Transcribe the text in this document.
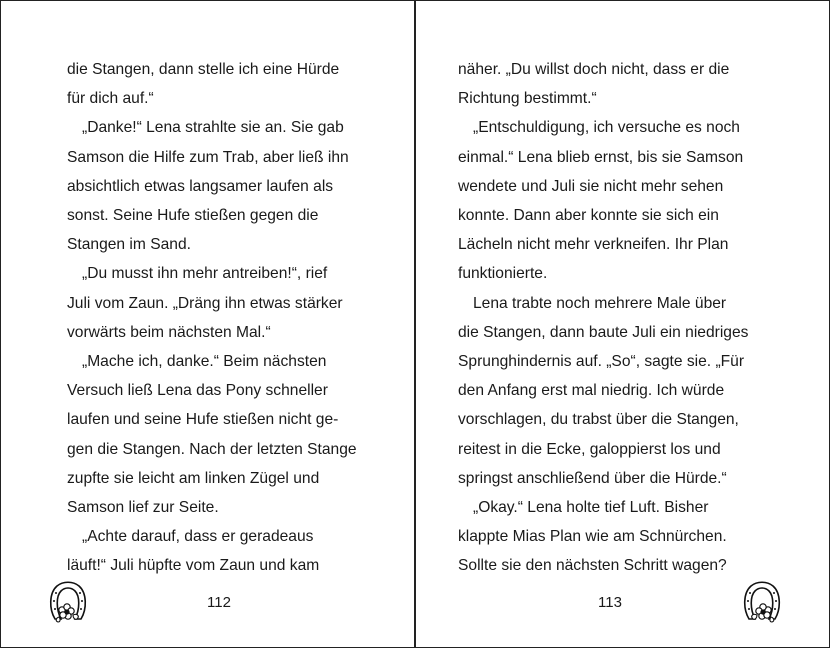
die Stangen, dann stelle ich eine Hürde
für dich auf.“
„Danke!“ Lena strahlte sie an. Sie gab
Samson die Hilfe zum Trab, aber ließ ihn
absichtlich etwas langsamer laufen als
sonst. Seine Hufe stießen gegen die
Stangen im Sand.
„Du musst ihn mehr antreiben!“, rief
Juli vom Zaun. „Dräng ihn etwas stärker
vorwärts beim nächsten Mal.“
„Mache ich, danke.“ Beim nächsten
Versuch ließ Lena das Pony schneller
laufen und seine Hufe stießen nicht ge-
gen die Stangen. Nach der letzten Stange
zupfte sie leicht am linken Zügel und
Samson lief zur Seite.
„Achte darauf, dass er geradeaus
läuft!“ Juli hüpfte vom Zaun und kam
näher. „Du willst doch nicht, dass er die
Richtung bestimmt.“
„Entschuldigung, ich versuche es noch
einmal.“ Lena blieb ernst, bis sie Samson
wendete und Juli sie nicht mehr sehen
konnte. Dann aber konnte sie sich ein
Lächeln nicht mehr verkneifen. Ihr Plan
funktionierte.
Lena trabte noch mehrere Male über
die Stangen, dann baute Juli ein niedriges
Sprunghindernis auf. „So“, sagte sie. „Für
den Anfang erst mal niedrig. Ich würde
vorschlagen, du trabst über die Stangen,
reitest in die Ecke, galoppierst los und
springst anschließend über die Hürde.“
„Okay.“ Lena holte tief Luft. Bisher
klappte Mias Plan wie am Schnürchen.
Sollte sie den nächsten Schritt wagen?
112	113
